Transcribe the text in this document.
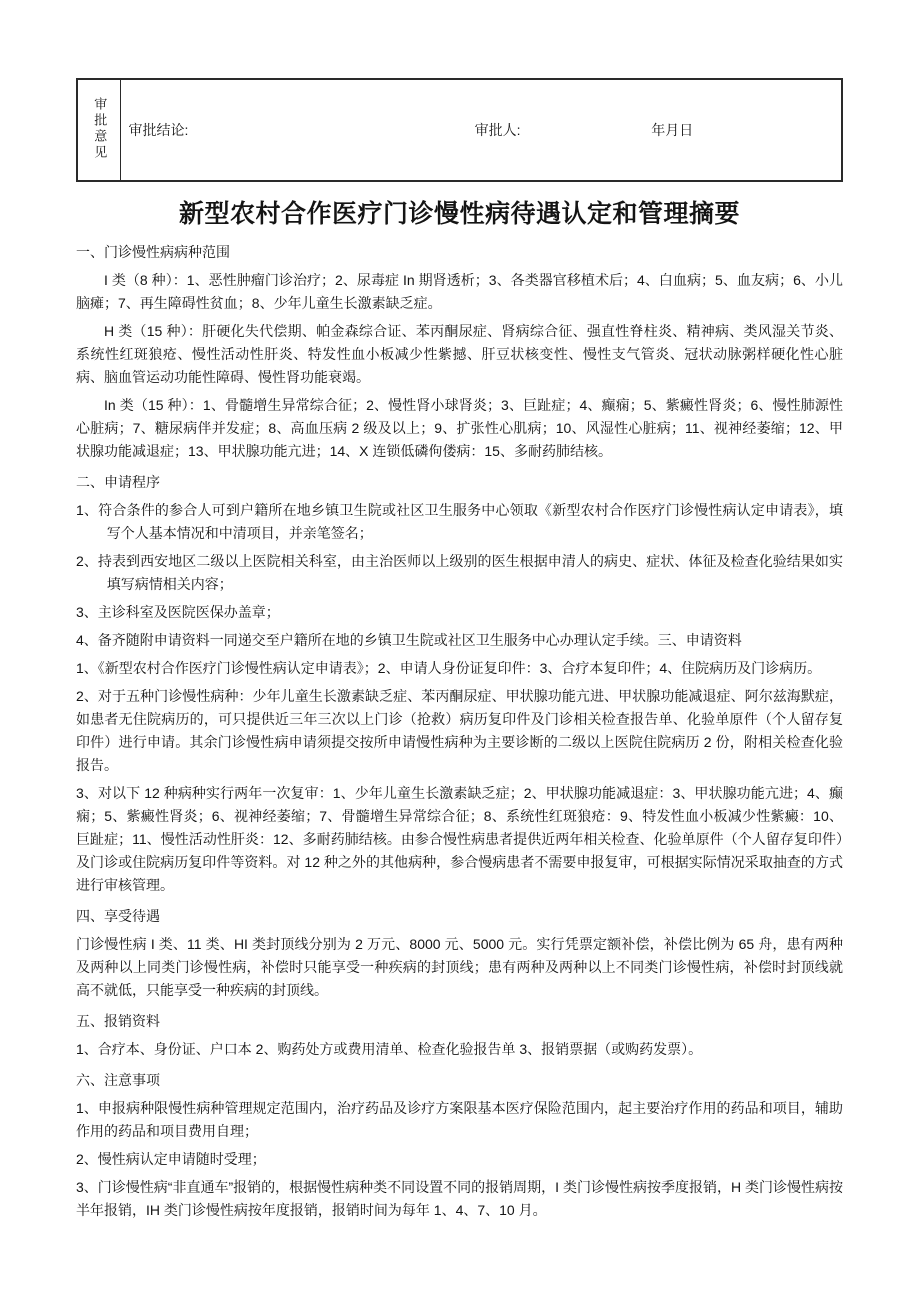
审批意见	审批结论:	审批人:	年月日
新型农村合作医疗门诊慢性病待遇认定和管理摘要

一、门诊慢性病病种范围

I 类（8 种）：1、恶性肿瘤门诊治疗；2、尿毒症 In 期肾透析；3、各类器官移植术后；4、白血病；5、血友病；6、小儿脑瘫；7、再生障碍性贫血；8、少年儿童生长激素缺乏症。

H 类（15 种）：肝硬化失代偿期、帕金森综合证、苯丙酮尿症、肾病综合征、强直性脊柱炎、精神病、类风湿关节炎、系统性红斑狼疮、慢性活动性肝炎、特发性血小板减少性紫撼、肝豆状核变性、慢性支气管炎、冠状动脉粥样硬化性心脏病、脑血管运动功能性障碍、慢性肾功能衰竭。

In 类（15 种）：1、骨髓增生异常综合征；2、慢性肾小球肾炎；3、巨趾症；4、癫痫；5、紫癜性肾炎；6、慢性肺源性心脏病；7、糖尿病伴并发症；8、高血压病 2 级及以上；9、扩张性心肌病；10、风湿性心脏病；11、视神经萎缩；12、甲状腺功能减退症；13、甲状腺功能亢进；14、X 连锁低磷佝偻病：15、多耐药肺结核。

二、申请程序

1、符合条件的参合人可到户籍所在地乡镇卫生院或社区卫生服务中心领取《新型农村合作医疗门诊慢性病认定申请表》，填写个人基本情况和中清项目，并亲笔签名；

2、持表到西安地区二级以上医院相关科室，由主治医师以上级别的医生根据申清人的病史、症状、体征及检查化验结果如实填写病情相关内容；

3、主诊科室及医院医保办盖章；

4、备齐随附申请资料一同递交至户籍所在地的乡镇卫生院或社区卫生服务中心办理认定手续。三、申请资料

1、《新型农村合作医疗门诊慢性病认定申请表》；2、申请人身份证复印件：3、合疗本复印件；4、住院病历及门诊病历。

2、对于五种门诊慢性病种：少年儿童生长激素缺乏症、苯丙酮尿症、甲状腺功能亢进、甲状腺功能减退症、阿尔兹海默症，如患者无住院病历的，可只提供近三年三次以上门诊（抢救）病历复印件及门诊相关检查报告单、化验单原件（个人留存复印件）进行申请。其余门诊慢性病申请须提交按所申请慢性病种为主要诊断的二级以上医院住院病历 2 份，附相关检查化验报告。

3、对以下 12 种病种实行两年一次复审：1、少年儿童生长激素缺乏症；2、甲状腺功能减退症：3、甲状腺功能亢进；4、癫痫；5、紫癜性肾炎；6、视神经萎缩；7、骨髓增生异常综合征；8、系统性红斑狼疮：9、特发性血小板减少性紫癜：10、巨趾症；11、慢性活动性肝炎：12、多耐药肺结核。由参合慢性病患者提供近两年相关检查、化验单原件（个人留存复印件）及门诊或住院病历复印件等资料。对 12 种之外的其他病种，参合慢病患者不需要申报复审，可根据实际情况采取抽查的方式进行审核管理。

四、享受待遇

门诊慢性病 I 类、11 类、HI 类封顶线分别为 2 万元、8000 元、5000 元。实行凭票定额补偿，补偿比例为 65 舟，患有两种及两种以上同类门诊慢性病，补偿时只能享受一种疾病的封顶线；患有两种及两种以上不同类门诊慢性病，补偿时封顶线就高不就低，只能享受一种疾病的封顶线。

五、报销资料

1、合疗本、身份证、户口本 2、购药处方或费用清单、检查化验报告单 3、报销票据（或购药发票）。

六、注意事项

1、申报病种限慢性病种管理规定范围内，治疗药品及诊疗方案限基本医疗保险范围内，起主要治疗作用的药品和项目，辅助作用的药品和项目费用自理；

2、慢性病认定申请随时受理；

3、门诊慢性病“非直通车”报销的，根据慢性病种类不同设置不同的报销周期，I 类门诊慢性病按季度报销，H 类门诊慢性病按半年报销，IH 类门诊慢性病按年度报销，报销时间为每年 1、4、7、10 月。
